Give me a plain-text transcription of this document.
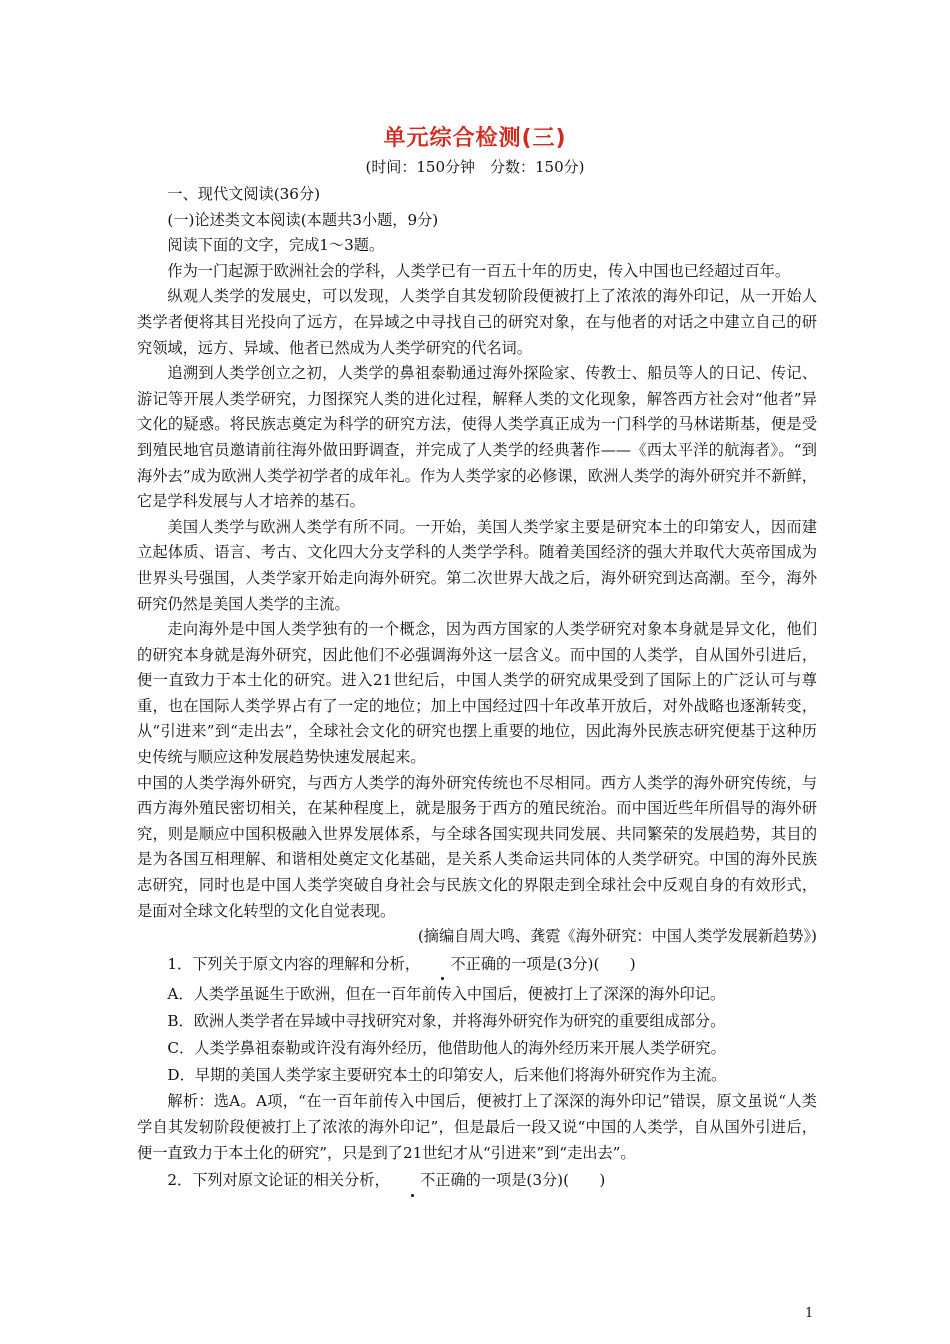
单元综合检测(三)
(时间：150分钟　分数：150分)

一、现代文阅读(36分)

(一)论述类文本阅读(本题共3小题，9分)

阅读下面的文字，完成1～3题。

作为一门起源于欧洲社会的学科，人类学已有一百五十年的历史，传入中国也已经超过百年。

纵观人类学的发展史，可以发现，人类学自其发轫阶段便被打上了浓浓的海外印记，从一开始人类学者便将其目光投向了远方，在异域之中寻找自己的研究对象，在与他者的对话之中建立自己的研究领域，远方、异域、他者已然成为人类学研究的代名词。

追溯到人类学创立之初，人类学的鼻祖泰勒通过海外探险家、传教士、船员等人的日记、传记、游记等开展人类学研究，力图探究人类的进化过程，解释人类的文化现象，解答西方社会对“他者”异文化的疑惑。将民族志奠定为科学的研究方法，使得人类学真正成为一门科学的马林诺斯基，便是受到殖民地官员邀请前往海外做田野调查，并完成了人类学的经典著作——《西太平洋的航海者》。“到海外去”成为欧洲人类学初学者的成年礼。作为人类学家的必修课，欧洲人类学的海外研究并不新鲜，它是学科发展与人才培养的基石。

美国人类学与欧洲人类学有所不同。一开始，美国人类学家主要是研究本土的印第安人，因而建立起体质、语言、考古、文化四大分支学科的人类学学科。随着美国经济的强大并取代大英帝国成为世界头号强国，人类学家开始走向海外研究。第二次世界大战之后，海外研究到达高潮。至今，海外研究仍然是美国人类学的主流。

走向海外是中国人类学独有的一个概念，因为西方国家的人类学研究对象本身就是异文化，他们的研究本身就是海外研究，因此他们不必强调海外这一层含义。而中国的人类学，自从国外引进后，便一直致力于本土化的研究。进入21世纪后，中国人类学的研究成果受到了国际上的广泛认可与尊重，也在国际人类学界占有了一定的地位；加上中国经过四十年改革开放后，对外战略也逐渐转变，从“引进来”到“走出去”，全球社会文化的研究也摆上重要的地位，因此海外民族志研究便基于这种历史传统与顺应这种发展趋势快速发展起来。

中国的人类学海外研究，与西方人类学的海外研究传统也不尽相同。西方人类学的海外研究传统，与西方海外殖民密切相关，在某种程度上，就是服务于西方的殖民统治。而中国近些年所倡导的海外研究，则是顺应中国积极融入世界发展体系，与全球各国实现共同发展、共同繁荣的发展趋势，其目的是为各国互相理解、和谐相处奠定文化基础，是关系人类命运共同体的人类学研究。中国的海外民族志研究，同时也是中国人类学突破自身社会与民族文化的界限走到全球社会中反观自身的有效形式，是面对全球文化转型的文化自觉表现。

(摘编自周大鸣、龚霓《海外研究：中国人类学发展新趋势》)

1．下列关于原文内容的理解和分析， 不正确的一项是(3分)(　　)

A．人类学虽诞生于欧洲，但在一百年前传入中国后，便被打上了深深的海外印记。

B．欧洲人类学者在异域中寻找研究对象，并将海外研究作为研究的重要组成部分。

C．人类学鼻祖泰勒或许没有海外经历，他借助他人的海外经历来开展人类学研究。

D．早期的美国人类学家主要研究本土的印第安人，后来他们将海外研究作为主流。

解析：选A。A项，“在一百年前传入中国后，便被打上了深深的海外印记”错误，原文虽说“人类学自其发轫阶段便被打上了浓浓的海外印记”，但是最后一段又说“中国的人类学，自从国外引进后，便一直致力于本土化的研究”，只是到了21世纪才从“引进来”到“走出去”。

2．下列对原文论证的相关分析， 不正确的一项是(3分)(　　)

1
